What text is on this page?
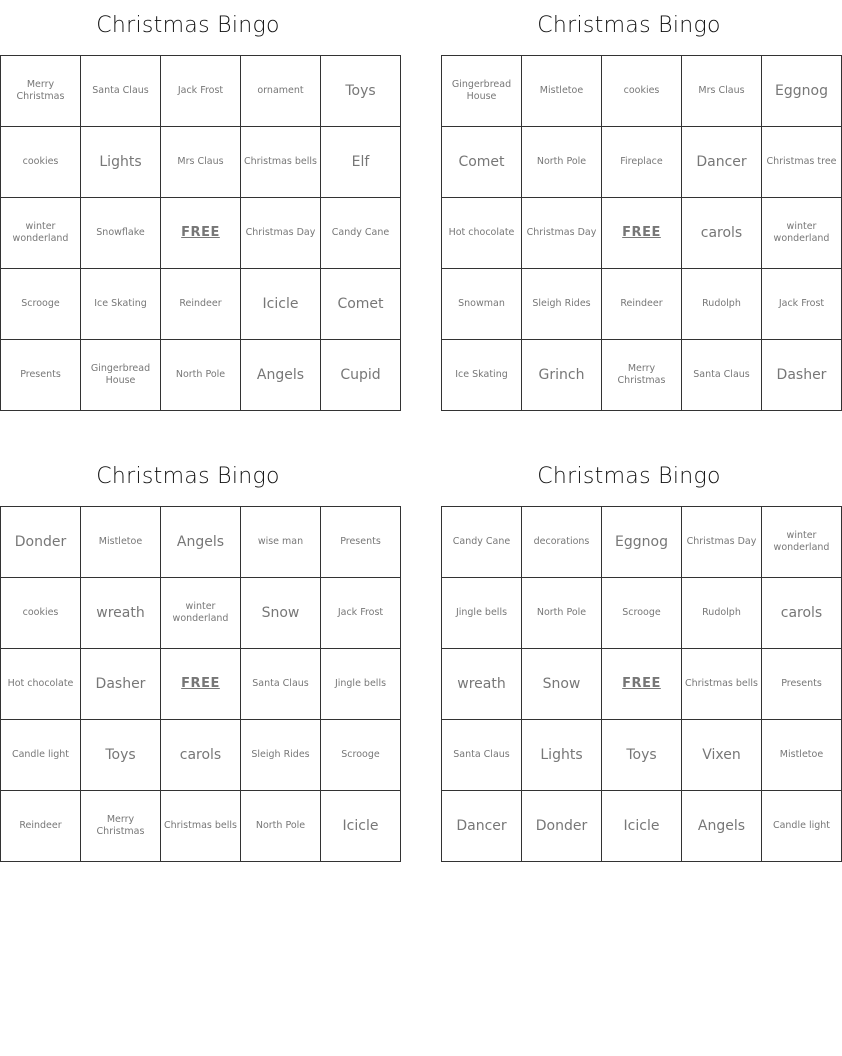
Christmas Bingo
Merry Christmas	Santa Claus	Jack Frost	ornament	Toys
cookies	Lights	Mrs Claus	Christmas bells	Elf
winter wonderland	Snowflake	FREE	Christmas Day	Candy Cane
Scrooge	Ice Skating	Reindeer	Icicle	Comet
Presents	Gingerbread House	North Pole	Angels	Cupid
Christmas Bingo
Gingerbread House	Mistletoe	cookies	Mrs Claus	Eggnog
Comet	North Pole	Fireplace	Dancer	Christmas tree
Hot chocolate	Christmas Day	FREE	carols	winter wonderland
Snowman	Sleigh Rides	Reindeer	Rudolph	Jack Frost
Ice Skating	Grinch	Merry Christmas	Santa Claus	Dasher
Christmas Bingo
Donder	Mistletoe	Angels	wise man	Presents
cookies	wreath	winter wonderland	Snow	Jack Frost
Hot chocolate	Dasher	FREE	Santa Claus	Jingle bells
Candle light	Toys	carols	Sleigh Rides	Scrooge
Reindeer	Merry Christmas	Christmas bells	North Pole	Icicle
Christmas Bingo
Candy Cane	decorations	Eggnog	Christmas Day	winter wonderland
Jingle bells	North Pole	Scrooge	Rudolph	carols
wreath	Snow	FREE	Christmas bells	Presents
Santa Claus	Lights	Toys	Vixen	Mistletoe
Dancer	Donder	Icicle	Angels	Candle light
